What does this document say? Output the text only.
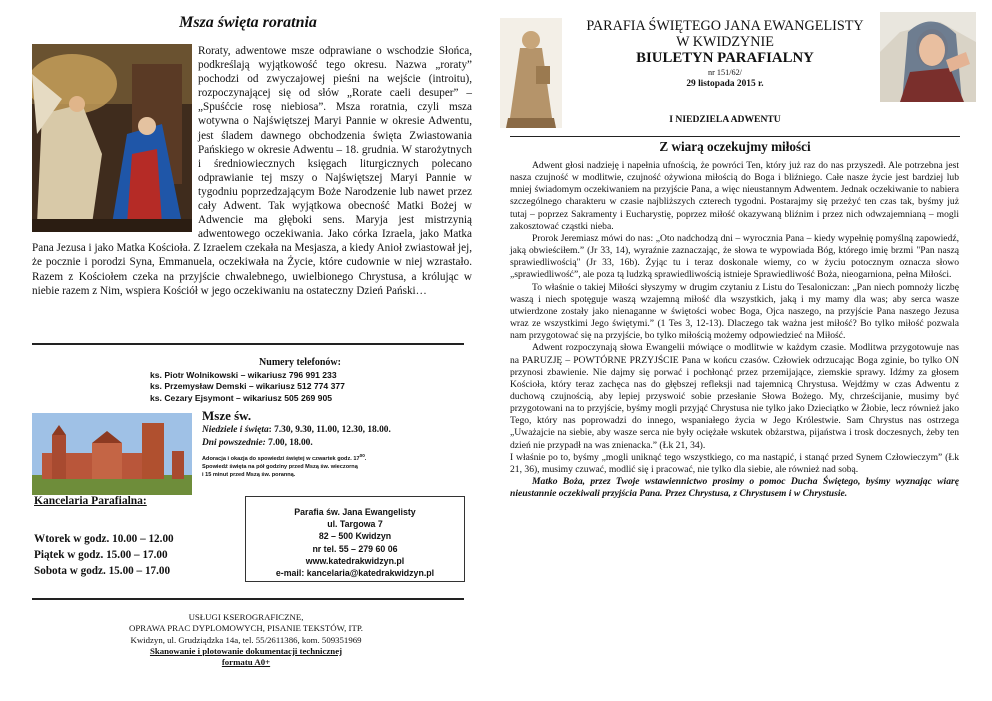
Msza święta roratnia

Roraty, adwentowe msze odprawiane o wschodzie Słońca, podkreślają wyjątkowość tego okresu. Nazwa „roraty” pochodzi od zwyczajowej pieśni na wejście (introitu), rozpoczynającej się od słów „Rorate caeli desuper” – „Spuśćcie rosę niebiosa”. Msza roratnia, czyli msza wotywna o Najświętszej Maryi Pannie w okresie Adwentu, jest śladem dawnego obchodzenia święta Zwiastowania Pańskiego w okresie Adwentu – 18. grudnia. W starożytnych i średniowiecznych księgach liturgicznych polecano odprawianie tej mszy o Najświętszej Maryi Pannie w tygodniu poprzedzającym Boże Narodzenie lub nawet przez cały Adwent. Tak wyjątkowa obecność Matki Bożej w Adwencie ma głęboki sens. Maryja jest mistrzynią adwentowego oczekiwania. Jako córka Izraela, jako Matka Pana Jezusa i jako Matka Kościoła. Z Izraelem czekała na Mesjasza, a kiedy Anioł zwiastował jej, że pocznie i porodzi Syna, Emmanuela, oczekiwała na Życie, które cudownie w niej wzrastało. Razem z Kościołem czeka na przyjście chwalebnego, uwielbionego Chrystusa, a królując w niebie razem z Nim, wspiera Kościół w jego oczekiwaniu na ostateczny Dzień Pański…

Numery telefonów:
ks. Piotr Wolnikowski – wikariusz 796 991 233
ks. Przemysław Demski – wikariusz 512 774 377
ks. Cezary Ejsymont – wikariusz 505 269 905
Msze św.
Niedziele i święta: 7.30, 9.30, 11.00, 12.30, 18.00.
Dni powszednie: 7.00, 18.00.
Adoracja i okazja do spowiedzi świętej w czwartek godz. $17^{00}$.
Spowiedź święta na pół godziny przed Mszą św. wieczorną
i 15 minut przed Mszą św. poranną.
Kancelaria Parafialna:
Wtorek w godz. 10.00 – 12.00
Piątek w godz. 15.00 – 17.00
Sobota w godz. 15.00 – 17.00
Parafia św. Jana Ewangelisty
ul. Targowa 7
82 – 500 Kwidzyn
nr tel. 55 – 279 60 06
www.katedrakwidzyn.pl
e-mail: kancelaria@katedrakwidzyn.pl
USŁUGI KSEROGRAFICZNE,
OPRAWA PRAC DYPLOMOWYCH, PISANIE TEKSTÓW, ITP.
Kwidzyn, ul. Grudziądzka 14a, tel. 55/2611386, kom. 509351969
Skanowanie i plotowanie dokumentacji technicznej
formatu A0+
PARAFIA ŚWIĘTEGO JANA EWANGELISTY
W KWIDZYNIE
BIULETYN PARAFIALNY
nr 151/62/
29 listopada 2015 r.
I NIEDZIELA ADWENTU
Z wiarą oczekujmy miłości

Adwent głosi nadzieję i napełnia ufnością, że powróci Ten, który już raz do nas przyszedł. Ale potrzebna jest nasza czujność w modlitwie, czujność ożywiona miłością do Boga i bliźniego. Całe nasze życie jest bardziej lub mniej świadomym oczekiwaniem na przyjście Pana, a więc nieustannym Adwentem. Jednak oczekiwanie to nabiera szczególnego charakteru w czasie najbliższych czterech tygodni. Postarajmy się przeżyć ten czas tak, byśmy już tutaj – poprzez Sakramenty i Eucharystię, poprzez miłość okazywaną bliźnim i przez nich odwzajemnianą – mogli zakosztować cząstki nieba.

Prorok Jeremiasz mówi do nas: „Oto nadchodzą dni – wyrocznia Pana – kiedy wypełnię pomyślną zapowiedź, jaką obwieściłem.” (Jr 33, 14), wyraźnie zaznaczając, że słowa te wypowiada Bóg, którego imię brzmi "Pan naszą sprawiedliwością" (Jr 33, 16b). Żyjąc tu i teraz doskonale wiemy, co w życiu potocznym oznacza słowo „sprawiedliwość”, ale poza tą ludzką sprawiedliwością istnieje Sprawiedliwość Boża, nieogarniona, pełna Miłości.

To właśnie o takiej Miłości słyszymy w drugim czytaniu z Listu do Tesaloniczan: „Pan niech pomnoży liczbę waszą i niech spotęguje waszą wzajemną miłość dla wszystkich, jaką i my mamy dla was; aby serca wasze utwierdzone zostały jako nienaganne w świętości wobec Boga, Ojca naszego, na przyjście Pana naszego Jezusa wraz ze wszystkimi Jego świętymi.” (1 Tes 3, 12-13). Dlaczego tak ważna jest miłość? Bo tylko miłość pozwala nam przygotować się na przyjście, bo tylko miłością możemy odpowiedzieć na Miłość.

Adwent rozpoczynają słowa Ewangelii mówiące o modlitwie w każdym czasie. Modlitwa przygotowuje nas na PARUZJĘ – POWTÓRNE PRZYJŚCIE Pana w końcu czasów. Człowiek odrzucając Boga zginie, bo tylko ON przynosi zbawienie. Nie dajmy się porwać i pochłonąć przez przemijające, ziemskie sprawy. Idźmy za głosem Kościoła, który teraz zachęca nas do głębszej refleksji nad tajemnicą Chrystusa. Wejdźmy w czas Adwentu z duchową czujnością, aby lepiej przyswoić sobie przesłanie Słowa Bożego. My, chrześcijanie, musimy być przygotowani na to przyjście, byśmy mogli przyjąć Chrystusa nie tylko jako Dzieciątko w Żłobie, lecz również jako Tego, który nas poprowadzi do innego, wspaniałego życia w Jego Królestwie. Sam Chrystus nas ostrzega „Uważajcie na siebie, aby wasze serca nie były ociężałe wskutek obżarstwa, pijaństwa i trosk doczesnych, żeby ten dzień nie przypadł na was znienacka.” (Łk 21, 34).

I właśnie po to, byśmy „mogli uniknąć tego wszystkiego, co ma nastąpić, i stanąć przed Synem Człowieczym” (Łk 21, 36), musimy czuwać, modlić się i pracować, nie tylko dla siebie, ale również nad sobą.

Matko Boża, przez Twoje wstawiennictwo prosimy o pomoc Ducha Świętego, byśmy wyznając wiarę nieustannie oczekiwali przyjścia Pana. Przez Chrystusa, z Chrystusem i w Chrystusie.
